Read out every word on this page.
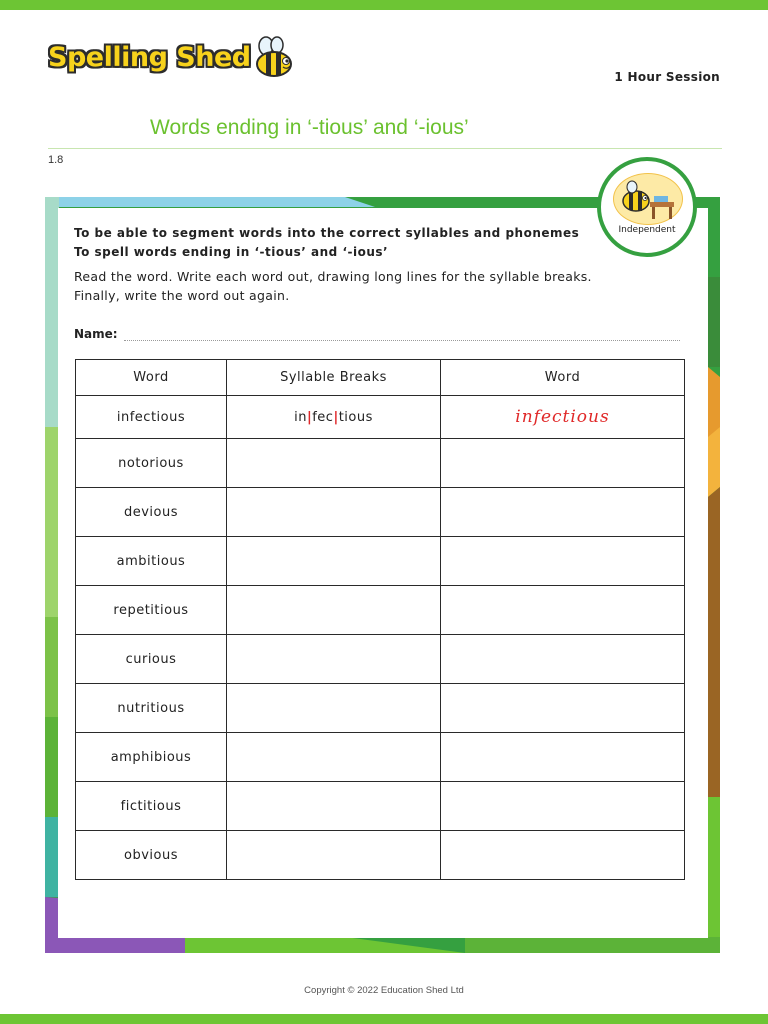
Spelling Shed
1 Hour Session
Words ending in ‘-tious’ and ‘-ious’
1.8
Independent
To be able to segment words into the correct syllables and phonemes
To spell words ending in ‘-tious’ and ‘-ious’
Read the word. Write each word out, drawing long lines for the syllable breaks.
Finally, write the word out again.
Name:
Word	Syllable Breaks	Word
infectious	in|fec|tious	infectious
notorious		
devious		
ambitious		
repetitious		
curious		
nutritious		
amphibious		
fictitious		
obvious		
Copyright © 2022 Education Shed Ltd
